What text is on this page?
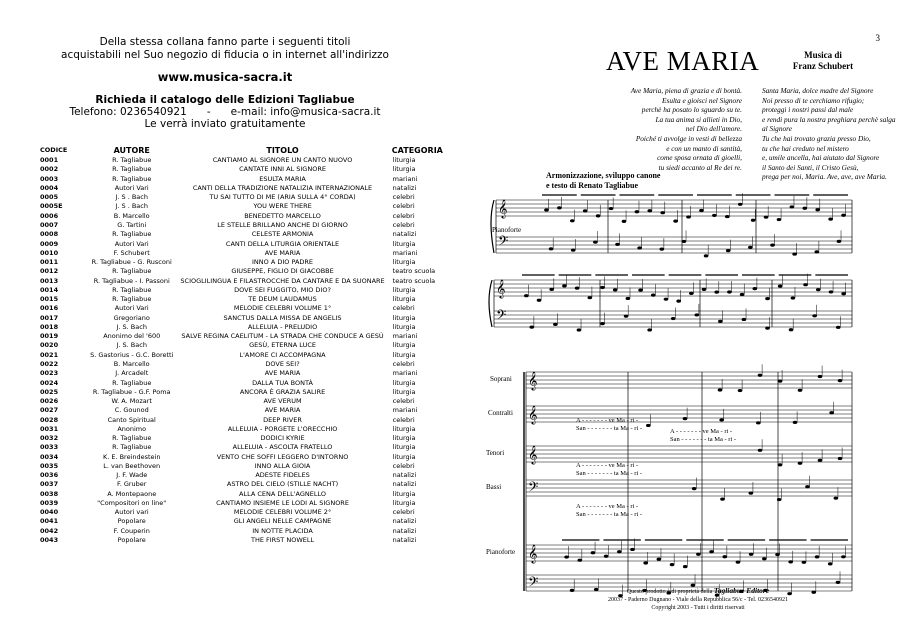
Della stessa collana fanno parte i seguenti titoli
acquistabili nel Suo negozio di fiducia o in internet all'indirizzo
www.musica-sacra.it
Richieda il catalogo delle Edizioni Tagliabue
Telefono: 0236540921 - e-mail: info@musica-sacra.it
Le verrà inviato gratuitamente
CODICE	AUTORE	TITOLO	CATEGORIA
0001	R. Tagliabue	CANTIAMO AL SIGNORE UN CANTO NUOVO	liturgia
0002	R. Tagliabue	CANTATE INNI AL SIGNORE	liturgia
0003	R. Tagliabue	ESULTA MARIA	mariani
0004	Autori Vari	CANTI DELLA TRADIZIONE NATALIZIA INTERNAZIONALE	natalizi
0005	J. S . Bach	TU SAI TUTTO DI ME (ARIA SULLA 4° CORDA)	celebri
0005E	J. S . Bach	YOU WERE THERE	celebri
0006	B. Marcello	BENEDETTO MARCELLO	celebri
0007	G. Tartini	LE STELLE BRILLANO ANCHE DI GIORNO	celebri
0008	R. Tagliabue	CELESTE ARMONIA	natalizi
0009	Autori Vari	CANTI DELLA LITURGIA ORIENTALE	liturgia
0010	F. Schubert	AVE MARIA	mariani
0011	R. Tagliabue - G. Rusconi	INNO A DIO PADRE	liturgia
0012	R. Tagliabue	GIUSEPPE, FIGLIO DI GIACOBBE	teatro scuola
0013	R. Tagliabue - I. Passoni	SCIOGLILINGUA E FILASTROCCHE DA CANTARE E DA SUONARE	teatro scuola
0014	R. Tagliabue	DOVE SEI FUGGITO, MIO DIO?	liturgia
0015	R. Tagliabue	TE DEUM LAUDAMUS	liturgia
0016	Autori Vari	MELODIE CELEBRI VOLUME 1°	celebri
0017	Gregoriano	SANCTUS DALLA MISSA DE ANGELIS	liturgia
0018	J. S. Bach	ALLELUIA - PRELUDIO	liturgia
0019	Anonimo del '600	SALVE REGINA CAELITUM - LA STRADA CHE CONDUCE A GESÙ	mariani
0020	J. S. Bach	GESÙ, ETERNA LUCE	liturgia
0021	S. Gastorius - G.C. Boretti	L'AMORE CI ACCOMPAGNA	liturgia
0022	B. Marcello	DOVE SEI?	celebri
0023	J. Arcadelt	AVE MARIA	mariani
0024	R. Tagliabue	DALLA TUA BONTÀ	liturgia
0025	R. Tagliabue - G.F. Poma	ANCORA È GRAZIA SALIRE	liturgia
0026	W. A. Mozart	AVE VERUM	celebri
0027	C. Gounod	AVE MARIA	mariani
0028	Canto Spiritual	DEEP RIVER	celebri
0031	Anonimo	ALLELUIA - PORGETE L'ORECCHIO	liturgia
0032	R. Tagliabue	DODICI KYRIE	liturgia
0033	R. Tagliabue	ALLELUIA - ASCOLTA FRATELLO	liturgia
0034	K. E. Breindestein	VENTO CHE SOFFI LEGGERO D'INTORNO	liturgia
0035	L. van Beethoven	INNO ALLA GIOIA	celebri
0036	J. F. Wade	ADESTE FIDELES	natalizi
0037	F. Gruber	ASTRO DEL CIELO (STILLE NACHT)	natalizi
0038	A. Montepaone	ALLA CENA DELL'AGNELLO	liturgia
0039	"Compositori on line"	CANTIAMO INSIEME LE LODI AL SIGNORE	liturgia
0040	Autori vari	MELODIE CELEBRI VOLUME 2°	celebri
0041	Popolare	GLI ANGELI NELLE CAMPAGNE	natalizi
0042	F. Couperin	IN NOTTE PLACIDA	natalizi
0043	Popolare	THE FIRST NOWELL	natalizi
3
AVE MARIA	Musica di
Franz Schubert
Ave Maria, piena di grazia e di bontà.
Esulta e gioisci nel Signore
perchè ha posato lo sguardo su te.
La tua anima si allieti in Dio,
nel Dio dell'amore.
Poiché ti avvolge in vesti di bellezza
e con un manto di santità,
come sposa ornata di gioelli,
tu siedi accanto al Re dei re.
Santa Maria, dolce madre del Signore
Noi presso di te cerchiamo rifugio;
proteggi i nostri passi dal male
e rendi pura la nostra preghiara perchè salga al Signore
Tu che hai trovato grazia presso Dio,
tu che hai creduto nel mistero
e, umile ancella, hai aiutato dal Signore
il Santo dei Santi, il Cristo Gesù,
prega per noi, Maria. Ave, ave, ave Maria.
Armonizzazione, sviluppo canone
e testo di Renato Tagliabue
𝄞
𝄢
𝄞
𝄢
𝄞
𝄞
𝄞
𝄢
𝄞
𝄢
Pianoforte
Soprani
Contralti
Tenori
Bassi
Pianoforte
A - - - - - - - ve Ma - ri -
San - - - - - - - ta Ma - ri -	A - - - - - - - ve Ma - ri -
San - - - - - - - ta Ma - ri -
A - - - - - - - ve Ma - ri -
San - - - - - - - ta Ma - ri -
A - - - - - - - ve Ma - ri -
San - - - - - - - ta Ma - ri -
Questo prodotto è di proprietà della Tagliabue Editore
20037 - Paderno Dugnano - Viale della Repubblica 56/c - Tel. 0236540921
Copyright 2003 - Tutti i diritti riservati
